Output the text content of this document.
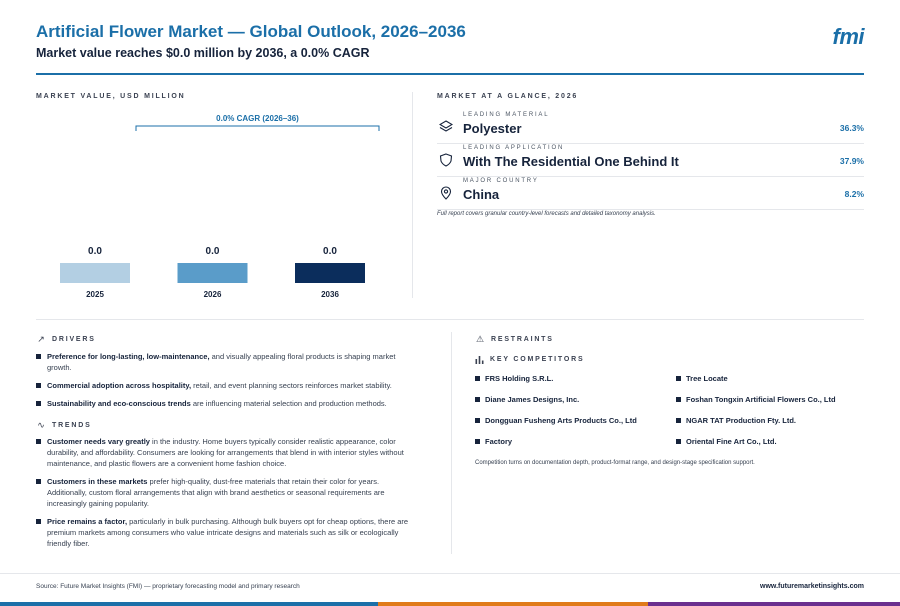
Artificial Flower Market — Global Outlook, 2026–2036
Market value reaches $0.0 million by 2036, a 0.0% CAGR
fmi
MARKET VALUE, USD MILLION
0.0% CAGR (2026–36)
0.0
2025
0.0
2026
0.0
2036
MARKET AT A GLANCE, 2026
LEADING MATERIAL
Polyester	36.3%
LEADING APPLICATION
With The Residential One Behind It	37.9%
MAJOR COUNTRY
China	8.2%
Full report covers granular country-level forecasts and detailed taxonomy analysis.
↗ DRIVERS
Preference for long-lasting, low-maintenance, and visually appealing floral products is shaping market growth.
Commercial adoption across hospitality, retail, and event planning sectors reinforces market stability.
Sustainability and eco-conscious trends are influencing material selection and production methods.
∿ TRENDS
Customer needs vary greatly in the industry. Home buyers typically consider realistic appearance, color durability, and affordability. Consumers are looking for arrangements that blend in with interior styles without maintenance, and plastic flowers are a convenient home fashion choice.
Customers in these markets prefer high-quality, dust-free materials that retain their color for years. Additionally, custom floral arrangements that align with brand aesthetics or seasonal requirements are increasingly gaining popularity.
Price remains a factor, particularly in bulk purchasing. Although bulk buyers opt for cheap options, there are premium markets among consumers who value intricate designs and materials such as silk or ecologically friendly fiber.
⚠ RESTRAINTS
KEY COMPETITORS
FRS Holding S.R.L.
Diane James Designs, Inc.
Dongguan Fusheng Arts Products Co., Ltd
Factory
Tree Locate
Foshan Tongxin Artificial Flowers Co., Ltd
NGAR TAT Production Fty. Ltd.
Oriental Fine Art Co., Ltd.
Competition turns on documentation depth, product-format range, and design-stage specification support.
Source: Future Market Insights (FMI) — proprietary forecasting model and primary research	www.futuremarketinsights.com
